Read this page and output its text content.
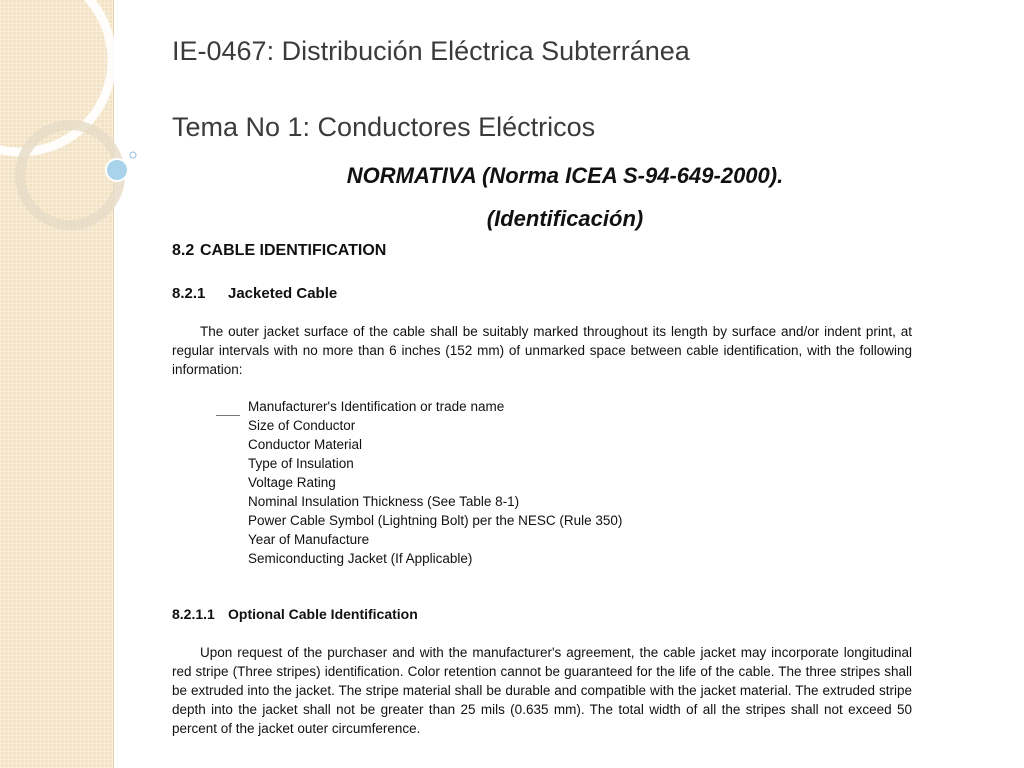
IE-0467: Distribución Eléctrica Subterránea
Tema No 1: Conductores Eléctricos
NORMATIVA (Norma ICEA S-94-649-2000).
(Identificación)
8.2 CABLE IDENTIFICATION
8.2.1 Jacketed Cable
The outer jacket surface of the cable shall be suitably marked throughout its length by surface and/or indent print, at regular intervals with no more than 6 inches (152 mm) of unmarked space between cable identification, with the following information:
Manufacturer's Identification or trade name
Size of Conductor
Conductor Material
Type of Insulation
Voltage Rating
Nominal Insulation Thickness (See Table 8-1)
Power Cable Symbol (Lightning Bolt) per the NESC (Rule 350)
Year of Manufacture
Semiconducting Jacket (If Applicable)
8.2.1.1 Optional Cable Identification
Upon request of the purchaser and with the manufacturer's agreement, the cable jacket may incorporate longitudinal red stripe (Three stripes) identification. Color retention cannot be guaranteed for the life of the cable. The three stripes shall be extruded into the jacket. The stripe material shall be durable and compatible with the jacket material. The extruded stripe depth into the jacket shall not be greater than 25 mils (0.635 mm). The total width of all the stripes shall not exceed 50 percent of the jacket outer circumference.
